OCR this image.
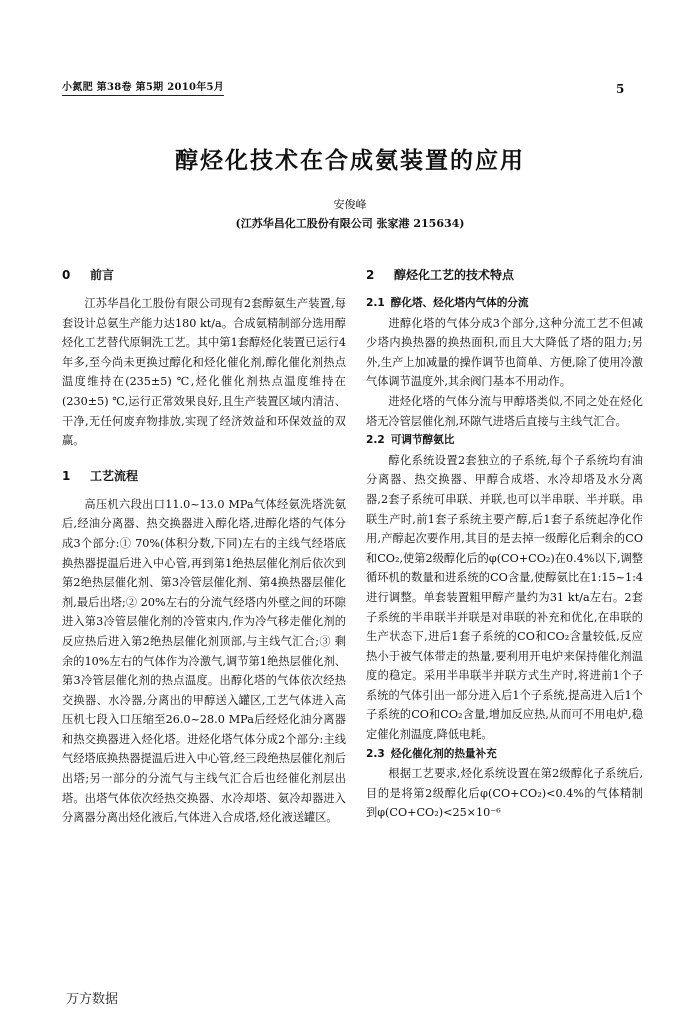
小氮肥 第38卷 第5期 2010年5月	5
醇烃化技术在合成氨装置的应用
安俊峰
(江苏华昌化工股份有限公司 张家港 215634)
0 前言

江苏华昌化工股份有限公司现有2套醇氨生产装置,每套设计总氨生产能力达180 kt/a。合成氨精制部分选用醇烃化工艺替代原铜洗工艺。其中第1套醇烃化装置已运行4年多,至今尚未更换过醇化和烃化催化剂,醇化催化剂热点温度维持在(235±5) ℃,烃化催化剂热点温度维持在(230±5) ℃,运行正常效果良好,且生产装置区域内清洁、干净,无任何废弃物排放,实现了经济效益和环保效益的双赢。

1 工艺流程

高压机六段出口11.0~13.0 MPa气体经氨洗塔洗氨后,经油分离器、热交换器进入醇化塔,进醇化塔的气体分成3个部分:① 70%(体积分数,下同)左右的主线气经塔底换热器提温后进入中心管,再到第1绝热层催化剂后依次到第2绝热层催化剂、第3冷管层催化剂、第4换热器层催化剂,最后出塔;② 20%左右的分流气经塔内外壁之间的环隙进入第3冷管层催化剂的冷管束内,作为冷气移走催化剂的反应热后进入第2绝热层催化剂顶部,与主线气汇合;③ 剩余的10%左右的气体作为冷激气,调节第1绝热层催化剂、第3冷管层催化剂的热点温度。出醇化塔的气体依次经热交换器、水冷器,分离出的甲醇送入罐区,工艺气体进入高压机七段入口压缩至26.0~28.0 MPa后经烃化油分离器和热交换器进入烃化塔。进烃化塔气体分成2个部分:主线气经塔底换热器提温后进入中心管,经三段绝热层催化剂后出塔;另一部分的分流气与主线气汇合后也经催化剂层出塔。出塔气体依次经热交换器、水冷却塔、氨冷却器进入分离器分离出烃化液后,气体进入合成塔,烃化液送罐区。

2 醇烃化工艺的技术特点
2.1 醇化塔、烃化塔内气体的分流

进醇化塔的气体分成3个部分,这种分流工艺不但减少塔内换热器的换热面积,而且大大降低了塔的阻力;另外,生产上加减量的操作调节也简单、方便,除了使用冷激气体调节温度外,其余阀门基本不用动作。

进烃化塔的气体分流与甲醇塔类似,不同之处在烃化塔无冷管层催化剂,环隙气进塔后直接与主线气汇合。

2.2 可调节醇氨比

醇化系统设置2套独立的子系统,每个子系统均有油分离器、热交换器、甲醇合成塔、水冷却塔及水分离器,2套子系统可串联、并联,也可以半串联、半并联。串联生产时,前1套子系统主要产醇,后1套子系统起净化作用,产醇起次要作用,其目的是去掉一级醇化后剩余的CO和CO₂,使第2级醇化后的φ(CO+CO₂)在0.4%以下,调整循环机的数量和进系统的CO含量,使醇氨比在1:15~1:4进行调整。单套装置粗甲醇产量约为31 kt/a左右。2套子系统的半串联半并联是对串联的补充和优化,在串联的生产状态下,进后1套子系统的CO和CO₂含量较低,反应热小于被气体带走的热量,要利用开电炉来保持催化剂温度的稳定。采用半串联半并联方式生产时,将进前1个子系统的气体引出一部分进入后1个子系统,提高进入后1个子系统的CO和CO₂含量,增加反应热,从而可不用电炉,稳定催化剂温度,降低电耗。

2.3 烃化催化剂的热量补充

根据工艺要求,烃化系统设置在第2级醇化子系统后,目的是将第2级醇化后φ(CO+CO₂)<0.4%的气体精制到φ(CO+CO₂)<25×10⁻⁶

万方数据
